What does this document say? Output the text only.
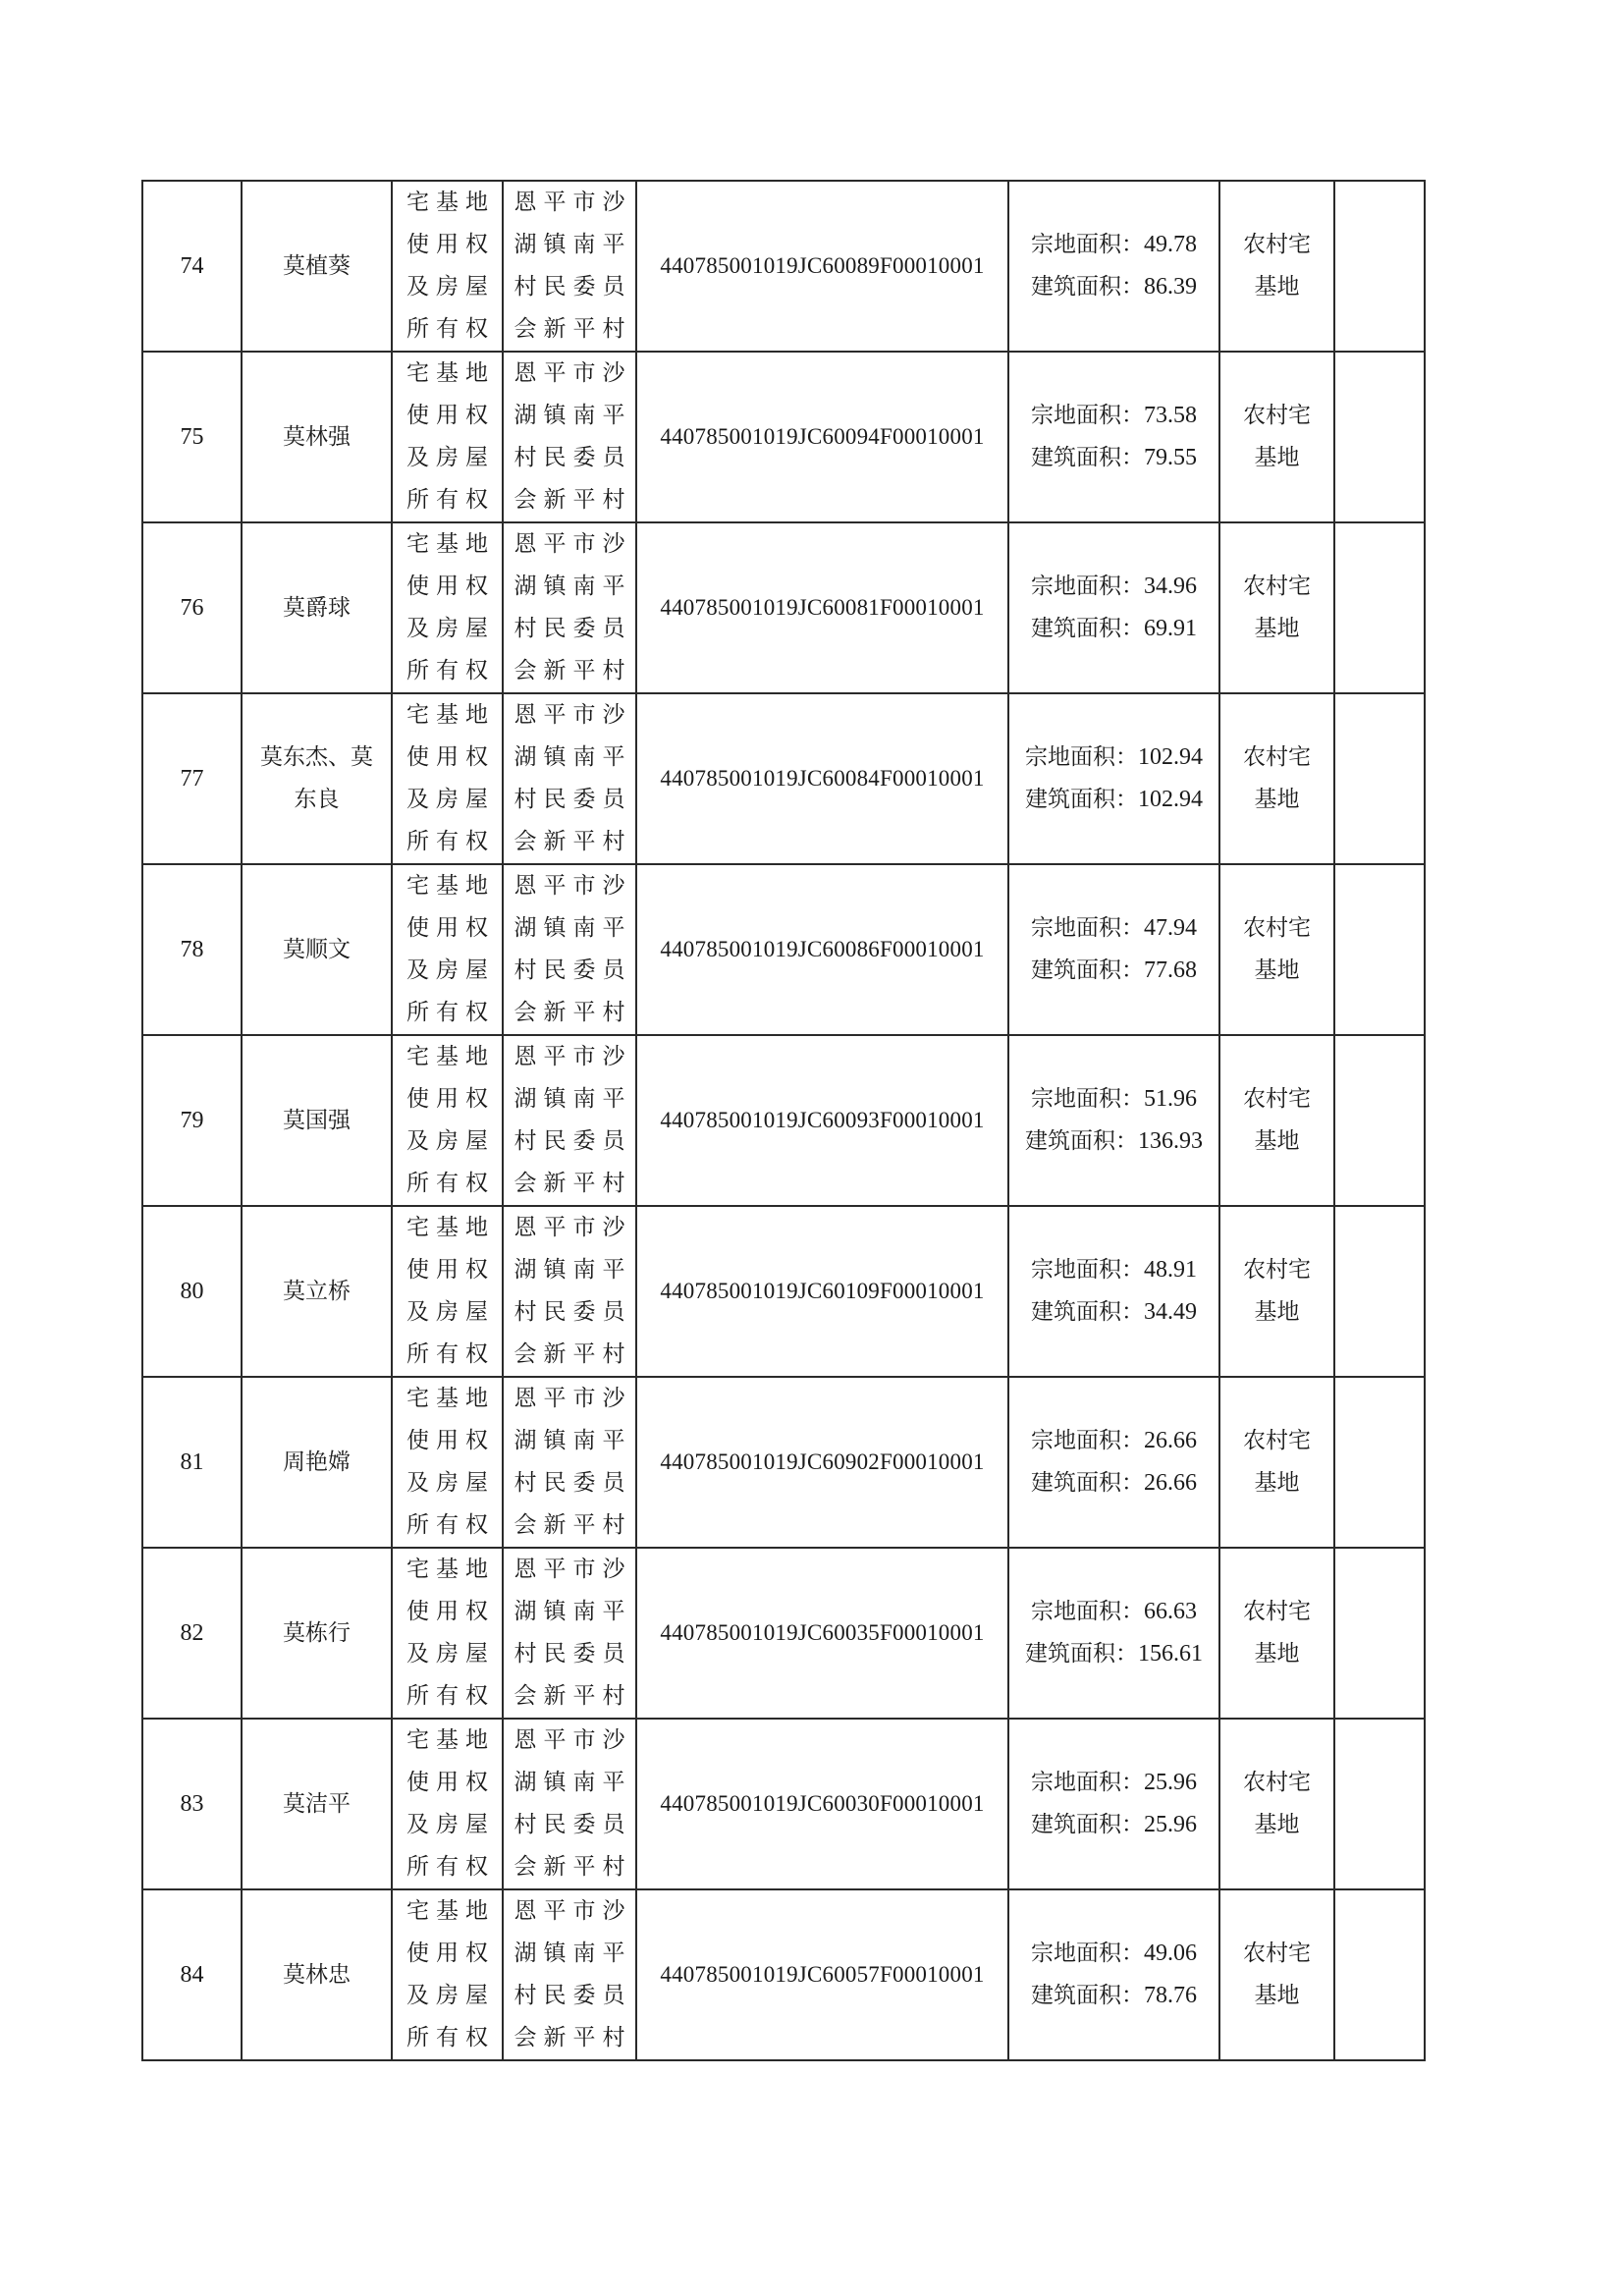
74	莫植葵	宅基地
使用权
及房屋
所有权	恩平市沙
湖镇南平
村民委员
会新平村	440785001019JC60089F00010001	宗地面积：49.78
建筑面积：86.39	农村宅
基地	

75	莫林强	宅基地
使用权
及房屋
所有权	恩平市沙
湖镇南平
村民委员
会新平村	440785001019JC60094F00010001	宗地面积：73.58
建筑面积：79.55	农村宅
基地	

76	莫爵球	宅基地
使用权
及房屋
所有权	恩平市沙
湖镇南平
村民委员
会新平村	440785001019JC60081F00010001	宗地面积：34.96
建筑面积：69.91	农村宅
基地	

77	莫东杰、莫
东良	宅基地
使用权
及房屋
所有权	恩平市沙
湖镇南平
村民委员
会新平村	440785001019JC60084F00010001	宗地面积：102.94
建筑面积：102.94	农村宅
基地	

78	莫顺文	宅基地
使用权
及房屋
所有权	恩平市沙
湖镇南平
村民委员
会新平村	440785001019JC60086F00010001	宗地面积：47.94
建筑面积：77.68	农村宅
基地	

79	莫国强	宅基地
使用权
及房屋
所有权	恩平市沙
湖镇南平
村民委员
会新平村	440785001019JC60093F00010001	宗地面积：51.96
建筑面积：136.93	农村宅
基地	

80	莫立桥	宅基地
使用权
及房屋
所有权	恩平市沙
湖镇南平
村民委员
会新平村	440785001019JC60109F00010001	宗地面积：48.91
建筑面积：34.49	农村宅
基地	

81	周艳嫦	宅基地
使用权
及房屋
所有权	恩平市沙
湖镇南平
村民委员
会新平村	440785001019JC60902F00010001	宗地面积：26.66
建筑面积：26.66	农村宅
基地	

82	莫栋行	宅基地
使用权
及房屋
所有权	恩平市沙
湖镇南平
村民委员
会新平村	440785001019JC60035F00010001	宗地面积：66.63
建筑面积：156.61	农村宅
基地	

83	莫洁平	宅基地
使用权
及房屋
所有权	恩平市沙
湖镇南平
村民委员
会新平村	440785001019JC60030F00010001	宗地面积：25.96
建筑面积：25.96	农村宅
基地	

84	莫林忠	宅基地
使用权
及房屋
所有权	恩平市沙
湖镇南平
村民委员
会新平村	440785001019JC60057F00010001	宗地面积：49.06
建筑面积：78.76	农村宅
基地	
